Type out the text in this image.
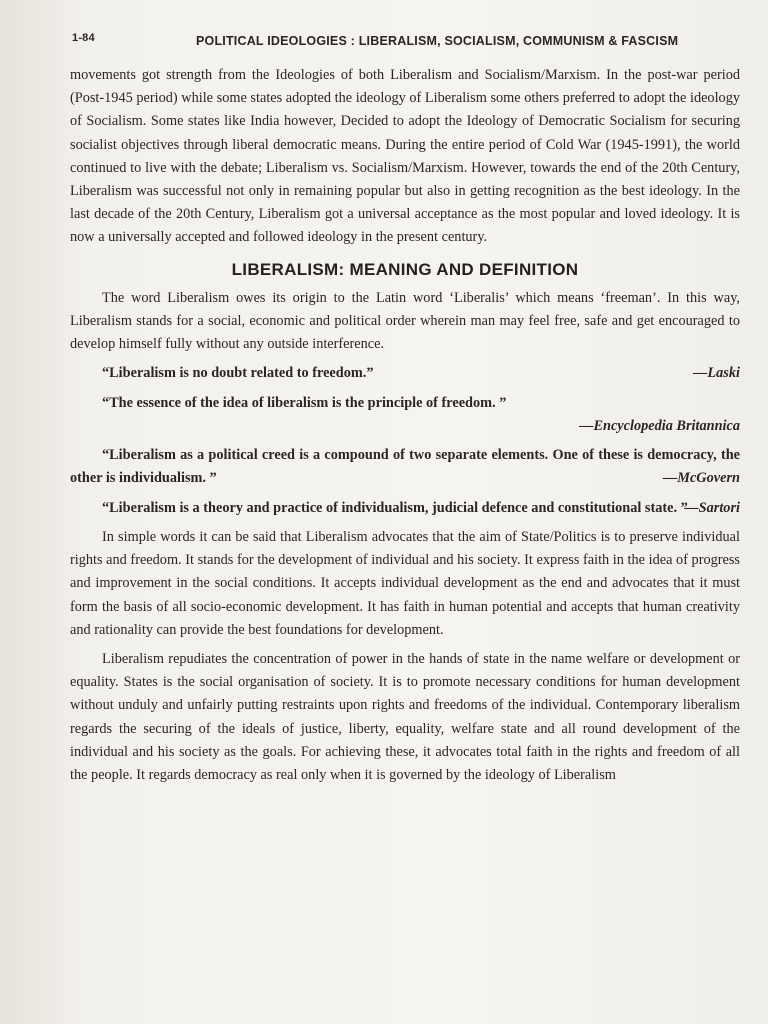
1-84	POLITICAL IDEOLOGIES : LIBERALISM, SOCIALISM, COMMUNISM & FASCISM

movements got strength from the Ideologies of both Liberalism and Socialism/Marxism. In the post-war period (Post-1945 period) while some states adopted the ideology of Liberalism some others preferred to adopt the ideology of Socialism. Some states like India however, Decided to adopt the Ideology of Democratic Socialism for securing socialist objectives through liberal democratic means. During the entire period of Cold War (1945-1991), the world continued to live with the debate; Liberalism vs. Socialism/Marxism. However, towards the end of the 20th Century, Liberalism was successful not only in remaining popular but also in getting recognition as the best ideology. In the last decade of the 20th Century, Liberalism got a universal acceptance as the most popular and loved ideology. It is now a universally accepted and followed ideology in the present century.

LIBERALISM: MEANING AND DEFINITION

The word Liberalism owes its origin to the Latin word ‘Liberalis’ which means ‘freeman’. In this way, Liberalism stands for a social, economic and political order wherein man may feel free, safe and get encouraged to develop himself fully without any outside interference.

—Laski
“Liberalism is no doubt related to freedom.”
“The essence of the idea of liberalism is the principle of freedom. ”
—Encyclopedia Britannica
“Liberalism as a political creed is a compound of two separate elements. One of these is democracy, the other is individualism. ”	—McGovern
“Liberalism is a theory and practice of individualism, judicial defence and constitutional state. ”
—Sartori

In simple words it can be said that Liberalism advocates that the aim of State/Politics is to preserve individual rights and freedom. It stands for the development of individual and his society. It express faith in the idea of progress and improvement in the social conditions. It accepts individual development as the end and advocates that it must form the basis of all socio-economic development. It has faith in human potential and accepts that human creativity and rationality can provide the best foundations for development.

Liberalism repudiates the concentration of power in the hands of state in the name welfare or development or equality. States is the social organisation of society. It is to promote necessary conditions for human development without unduly and unfairly putting restraints upon rights and freedoms of the individual. Contemporary liberalism regards the securing of the ideals of justice, liberty, equality, welfare state and all round development of the individual and his society as the goals. For achieving these, it advocates total faith in the rights and freedom of all the people. It regards democracy as real only when it is governed by the ideology of Liberalism
